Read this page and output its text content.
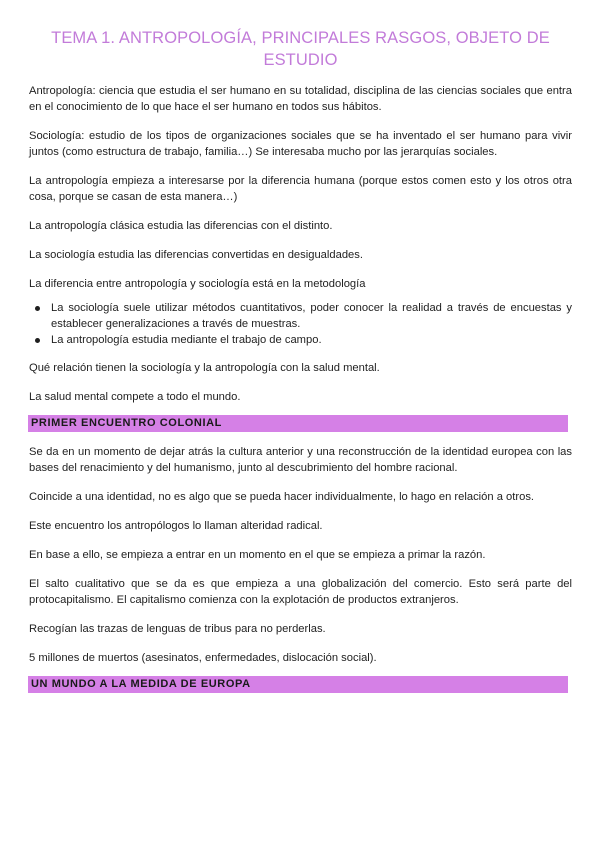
TEMA 1. ANTROPOLOGÍA, PRINCIPALES RASGOS, OBJETO DE ESTUDIO

Antropología: ciencia que estudia el ser humano en su totalidad, disciplina de las ciencias sociales que entra en el conocimiento de lo que hace el ser humano en todos sus hábitos.

Sociología: estudio de los tipos de organizaciones sociales que se ha inventado el ser humano para vivir juntos (como estructura de trabajo, familia…) Se interesaba mucho por las jerarquías sociales.

La antropología empieza a interesarse por la diferencia humana (porque estos comen esto y los otros otra cosa, porque se casan de esta manera…)

La antropología clásica estudia las diferencias con el distinto.

La sociología estudia las diferencias convertidas en desigualdades.

La diferencia entre antropología y sociología está en la metodología

La sociología suele utilizar métodos cuantitativos, poder conocer la realidad a través de encuestas y establecer generalizaciones a través de muestras.
La antropología estudia mediante el trabajo de campo.

Qué relación tienen la sociología y la antropología con la salud mental.

La salud mental compete a todo el mundo.

PRIMER ENCUENTRO COLONIAL

Se da en un momento de dejar atrás la cultura anterior y una reconstrucción de la identidad europea con las bases del renacimiento y del humanismo, junto al descubrimiento del hombre racional.

Coincide a una identidad, no es algo que se pueda hacer individualmente, lo hago en relación a otros.

Este encuentro los antropólogos lo llaman alteridad radical.

En base a ello, se empieza a entrar en un momento en el que se empieza a primar la razón.

El salto cualitativo que se da es que empieza a una globalización del comercio. Esto será parte del protocapitalismo. El capitalismo comienza con la explotación de productos extranjeros.

Recogían las trazas de lenguas de tribus para no perderlas.

5 millones de muertos (asesinatos, enfermedades, dislocación social).

UN MUNDO A LA MEDIDA DE EUROPA
